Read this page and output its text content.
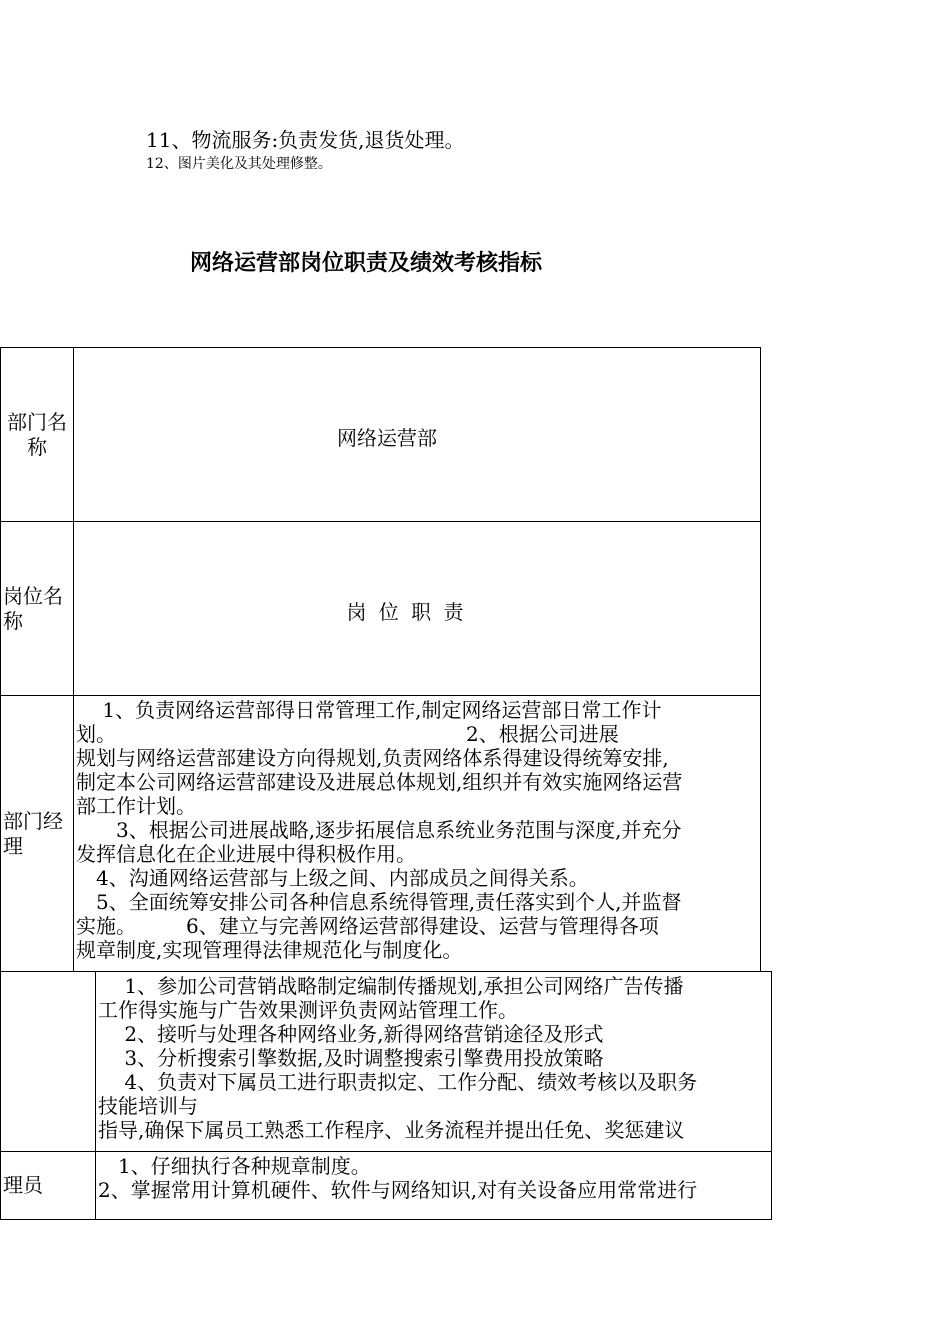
11、物流服务:负责发货,退货处理。
12、图片美化及其处理修整。
网络运营部岗位职责及绩效考核指标
部门名称	网络运营部
岗位名称	岗 位 职 责
部门经理

　 1、负责网络运营部得日常管理工作,制定网络运营部日常工作计

划。　　　　　　　　　　　　　　　　　　2、根据公司进展

规划与网络运营部建设方向得规划,负责网络体系得建设得统筹安排,

制定本公司网络运营部建设及进展总体规划,组织并有效实施网络运营

部工作计划。

　　3、根据公司进展战略,逐步拓展信息系统业务范围与深度,并充分

发挥信息化在企业进展中得积极作用。

　4、沟通网络运营部与上级之间、内部成员之间得关系。

　5、全面统筹安排公司各种信息系统得管理,责任落实到个人,并监督

实施。　　　6、建立与完善网络运营部得建设、运营与管理得各项

规章制度,实现管理得法律规范化与制度化。

　 1、参加公司营销战略制定编制传播规划,承担公司网络广告传播

工作得实施与广告效果测评负责网站管理工作。

　 2、接听与处理各种网络业务,新得网络营销途径及形式

　 3、分析搜索引擎数据,及时调整搜索引擎费用投放策略

　 4、负责对下属员工进行职责拟定、工作分配、绩效考核以及职务

技能培训与

指导,确保下属员工熟悉工作程序、业务流程并提出任免、奖惩建议

理员

　1、仔细执行各种规章制度。

2、掌握常用计算机硬件、软件与网络知识,对有关设备应用常常进行
